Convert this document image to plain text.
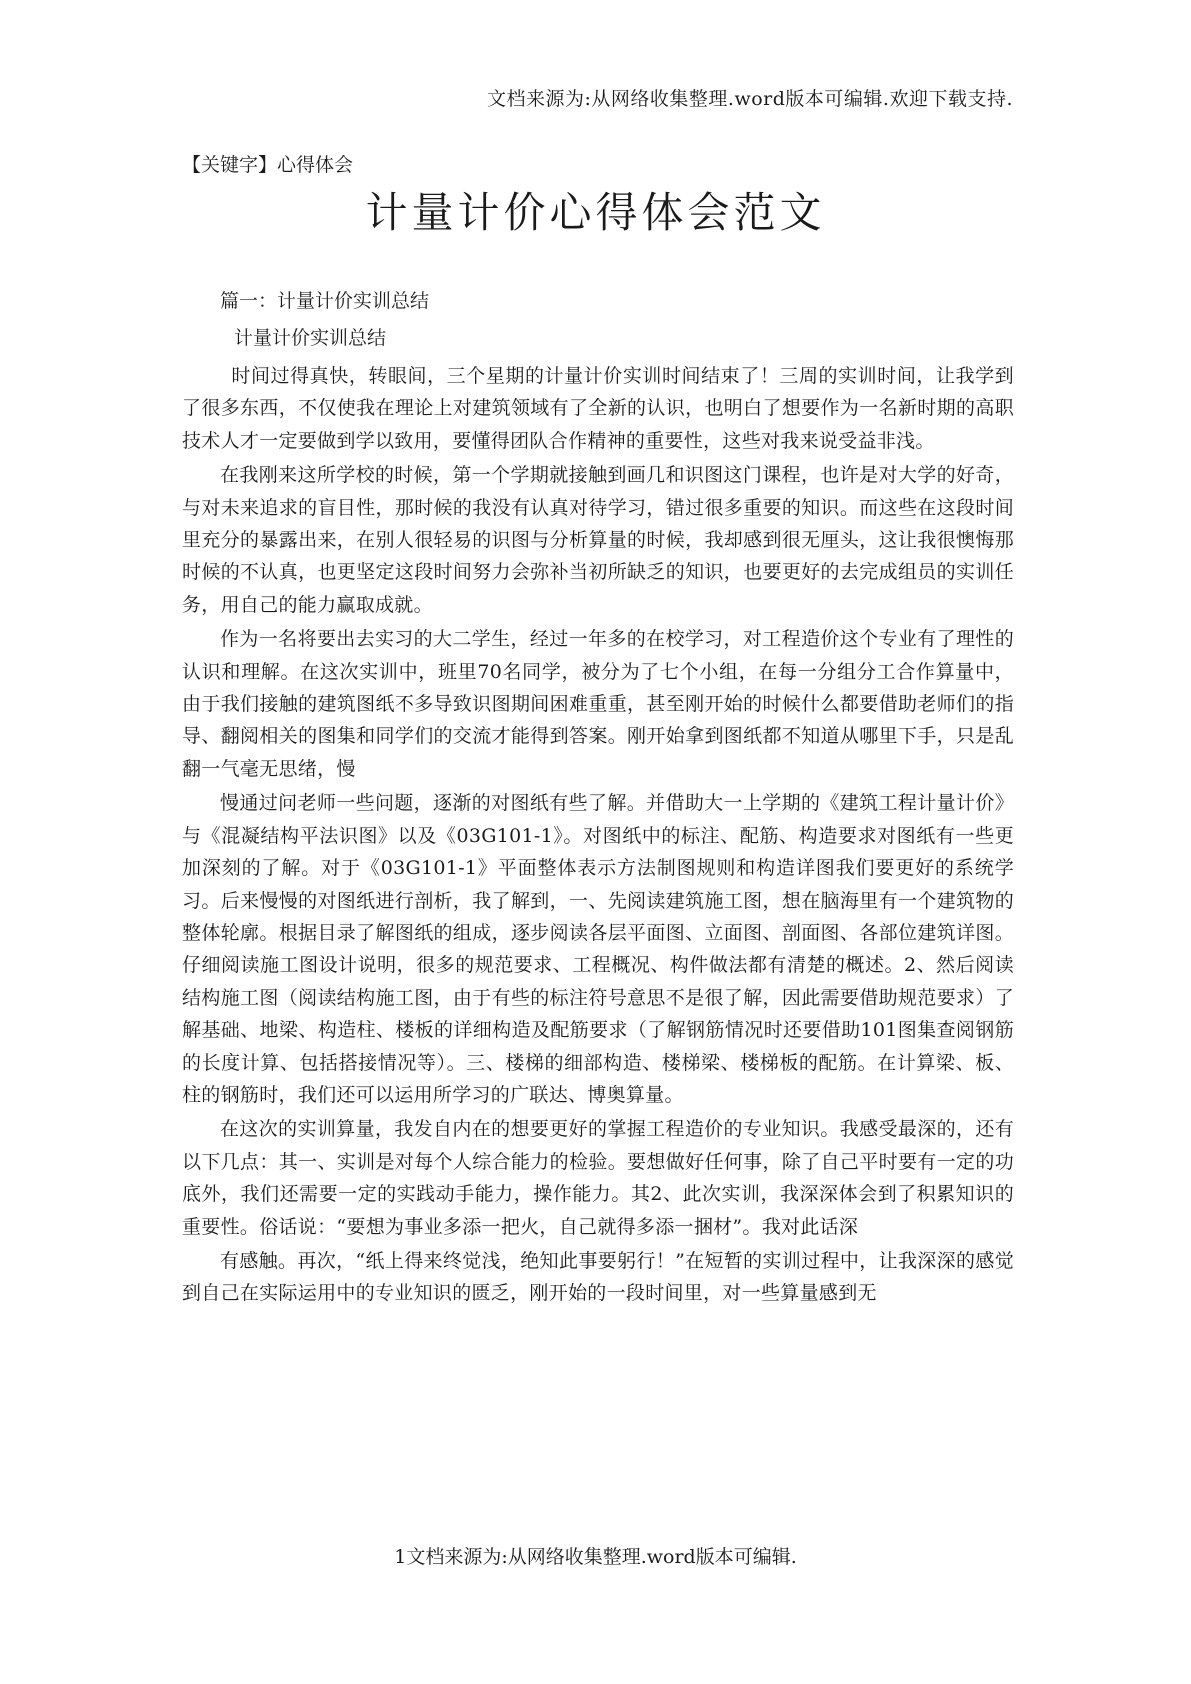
文档来源为:从网络收集整理.word版本可编辑.欢迎下载支持.
【关键字】心得体会
计量计价心得体会范文
篇一：计量计价实训总结
计量计价实训总结

时间过得真快，转眼间，三个星期的计量计价实训时间结束了！三周的实训时间，让我学到了很多东西，不仅使我在理论上对建筑领域有了全新的认识，也明白了想要作为一名新时期的高职技术人才一定要做到学以致用，要懂得团队合作精神的重要性，这些对我来说受益非浅。

在我刚来这所学校的时候，第一个学期就接触到画几和识图这门课程，也许是对大学的好奇，与对未来追求的盲目性，那时候的我没有认真对待学习，错过很多重要的知识。而这些在这段时间里充分的暴露出来，在别人很轻易的识图与分析算量的时候，我却感到很无厘头，这让我很懊悔那时候的不认真，也更坚定这段时间努力会弥补当初所缺乏的知识，也要更好的去完成组员的实训任务，用自己的能力赢取成就。

作为一名将要出去实习的大二学生，经过一年多的在校学习，对工程造价这个专业有了理性的认识和理解。在这次实训中，班里70名同学，被分为了七个小组，在每一分组分工合作算量中，由于我们接触的建筑图纸不多导致识图期间困难重重，甚至刚开始的时候什么都要借助老师们的指导、翻阅相关的图集和同学们的交流才能得到答案。刚开始拿到图纸都不知道从哪里下手，只是乱翻一气毫无思绪，慢

慢通过问老师一些问题，逐渐的对图纸有些了解。并借助大一上学期的《建筑工程计量计价》与《混凝结构平法识图》以及《03G101-1》。对图纸中的标注、配筋、构造要求对图纸有一些更加深刻的了解。对于《03G101-1》平面整体表示方法制图规则和构造详图我们要更好的系统学习。后来慢慢的对图纸进行剖析，我了解到，一、先阅读建筑施工图，想在脑海里有一个建筑物的整体轮廓。根据目录了解图纸的组成，逐步阅读各层平面图、立面图、剖面图、各部位建筑详图。仔细阅读施工图设计说明，很多的规范要求、工程概况、构件做法都有清楚的概述。2、然后阅读结构施工图（阅读结构施工图，由于有些的标注符号意思不是很了解，因此需要借助规范要求）了解基础、地梁、构造柱、楼板的详细构造及配筋要求（了解钢筋情况时还要借助101图集查阅钢筋的长度计算、包括搭接情况等）。三、楼梯的细部构造、楼梯梁、楼梯板的配筋。在计算梁、板、柱的钢筋时，我们还可以运用所学习的广联达、博奥算量。

在这次的实训算量，我发自内在的想要更好的掌握工程造价的专业知识。我感受最深的，还有以下几点：其一、实训是对每个人综合能力的检验。要想做好任何事，除了自己平时要有一定的功底外，我们还需要一定的实践动手能力，操作能力。其2、此次实训，我深深体会到了积累知识的重要性。俗话说：“要想为事业多添一把火，自己就得多添一捆材”。我对此话深

有感触。再次，“纸上得来终觉浅，绝知此事要躬行！”在短暂的实训过程中，让我深深的感觉到自己在实际运用中的专业知识的匮乏，刚开始的一段时间里，对一些算量感到无

1文档来源为:从网络收集整理.word版本可编辑.
